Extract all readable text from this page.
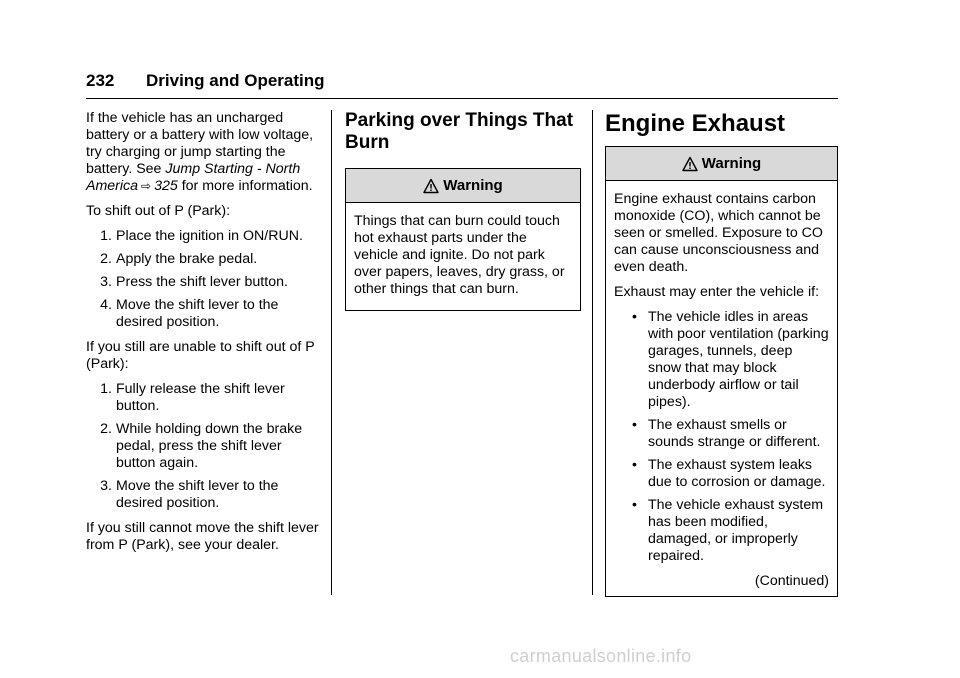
232 Driving and Operating

If the vehicle has an uncharged battery or a battery with low voltage, try charging or jump starting the battery. See Jump Starting - North America ⇨ 325 for more information.

To shift out of P (Park):

1. Place the ignition in ON/RUN.
2. Apply the brake pedal.
3. Press the shift lever button.
4. Move the shift lever to the desired position.

If you still are unable to shift out of P (Park):

1. Fully release the shift lever button.
2. While holding down the brake pedal, press the shift lever button again.
3. Move the shift lever to the desired position.

If you still cannot move the shift lever from P (Park), see your dealer.

Parking over Things That Burn
Warning

Things that can burn could touch hot exhaust parts under the vehicle and ignite. Do not park over papers, leaves, dry grass, or other things that can burn.

Engine Exhaust
Warning

Engine exhaust contains carbon monoxide (CO), which cannot be seen or smelled. Exposure to CO can cause unconsciousness and even death.

Exhaust may enter the vehicle if:

• The vehicle idles in areas with poor ventilation (parking garages, tunnels, deep snow that may block underbody airflow or tail pipes).
• The exhaust smells or sounds strange or different.
• The exhaust system leaks due to corrosion or damage.
• The vehicle exhaust system has been modified, damaged, or improperly repaired.
(Continued)
carmanualsonline.info
